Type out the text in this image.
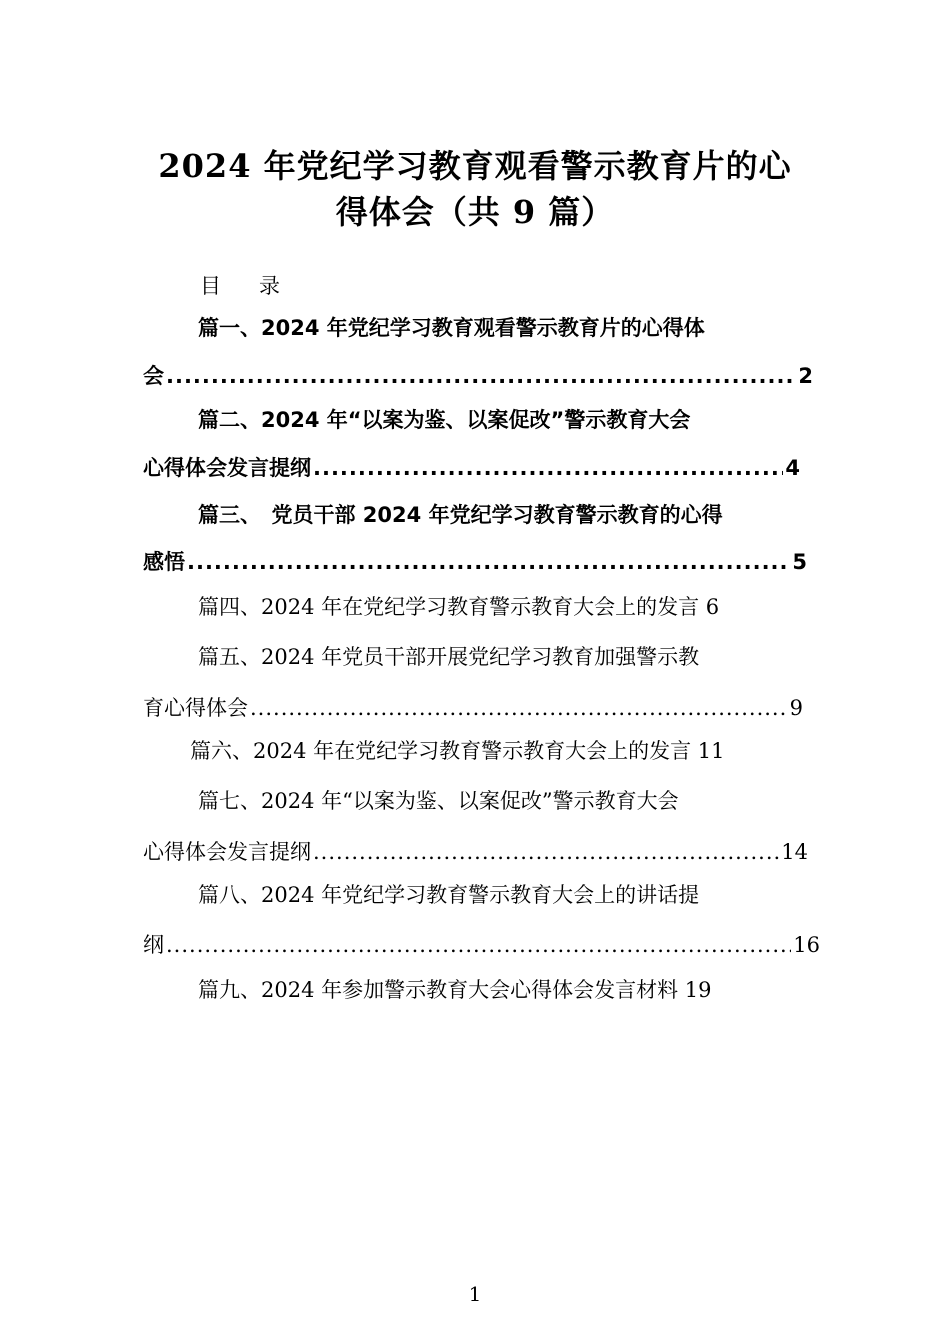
2024 年党纪学习教育观看警示教育片的心
得体会（共 9 篇）
目 录
篇一、2024 年党纪学习教育观看警示教育片的心得体
会 .....	2
篇二、2024 年“以案为鉴、以案促改”警示教育大会
心得体会发言提纲 .....	4
篇三、　党员干部 2024 年党纪学习教育警示教育的心得
感悟 .....	5
篇四、2024 年在党纪学习教育警示教育大会上的发言 6
篇五、2024 年党员干部开展党纪学习教育加强警示教
育心得体会 .....	9
篇六、2024 年在党纪学习教育警示教育大会上的发言 11
篇七、2024 年“以案为鉴、以案促改”警示教育大会
心得体会发言提纲 .....	14
篇八、2024 年党纪学习教育警示教育大会上的讲话提
纲 .....	16
篇九、2024 年参加警示教育大会心得体会发言材料 19
1
